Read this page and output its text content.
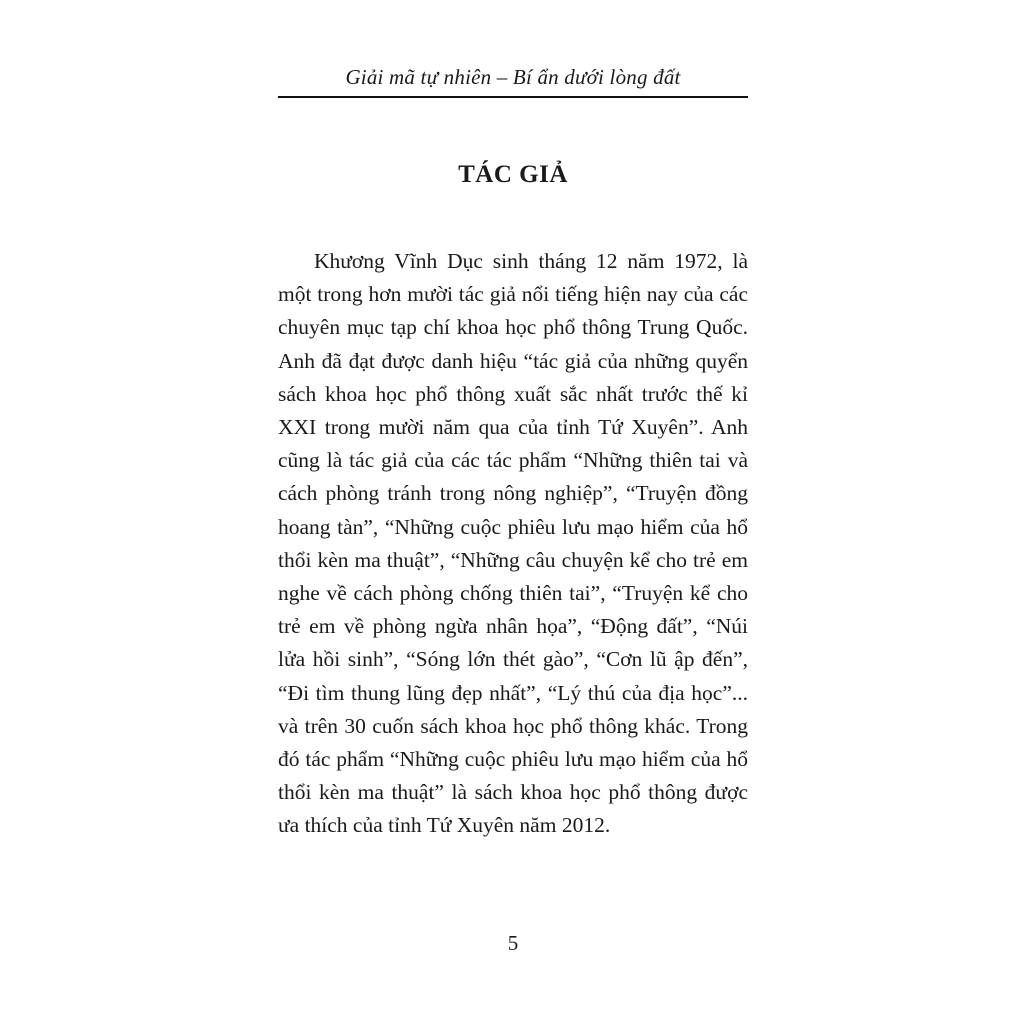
Giải mã tự nhiên – Bí ẩn dưới lòng đất
TÁC GIẢ

Khương Vĩnh Dục sinh tháng 12 năm 1972, là một trong hơn mười tác giả nổi tiếng hiện nay của các chuyên mục tạp chí khoa học phổ thông Trung Quốc. Anh đã đạt được danh hiệu “tác giả của những quyển sách khoa học phổ thông xuất sắc nhất trước thế kỉ XXI trong mười năm qua của tỉnh Tứ Xuyên”. Anh cũng là tác giả của các tác phẩm “Những thiên tai và cách phòng tránh trong nông nghiệp”, “Truyện đồng hoang tàn”, “Những cuộc phiêu lưu mạo hiểm của hổ thổi kèn ma thuật”, “Những câu chuyện kể cho trẻ em nghe về cách phòng chống thiên tai”, “Truyện kể cho trẻ em về phòng ngừa nhân họa”, “Động đất”, “Núi lửa hồi sinh”, “Sóng lớn thét gào”, “Cơn lũ ập đến”, “Đi tìm thung lũng đẹp nhất”, “Lý thú của địa học”... và trên 30 cuốn sách khoa học phổ thông khác. Trong đó tác phẩm “Những cuộc phiêu lưu mạo hiểm của hổ thổi kèn ma thuật” là sách khoa học phổ thông được ưa thích của tỉnh Tứ Xuyên năm 2012.

5
